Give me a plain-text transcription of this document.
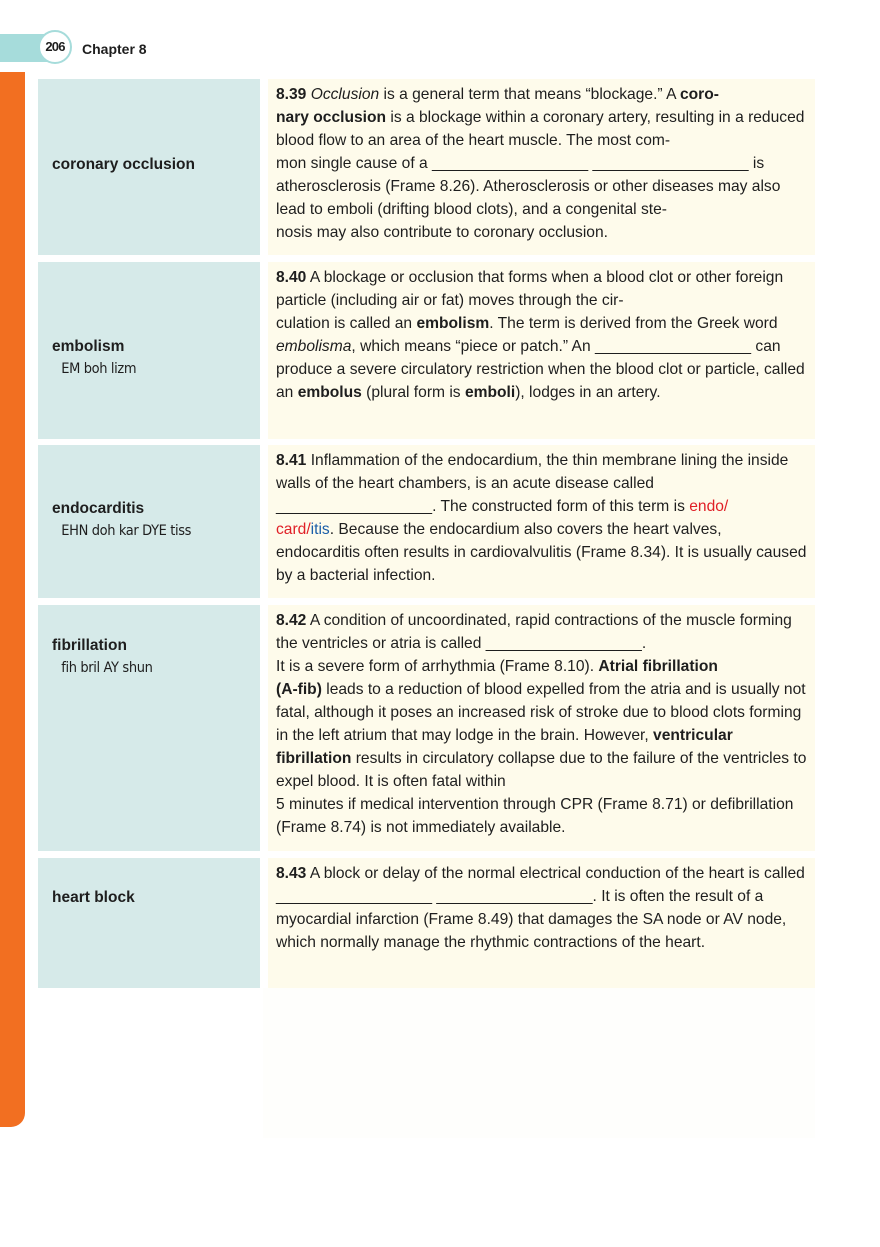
206	Chapter 8
coronary occlusion

8.39 Occlusion is a general term that means “blockage.” A coro-
nary occlusion is a blockage within a coronary artery, resulting in a reduced blood flow to an area of the heart muscle. The most com-
mon single cause of a __________________ __________________ is atherosclerosis (Frame 8.26). Atherosclerosis or other diseases may also lead to emboli (drifting blood clots), and a congenital ste-
nosis may also contribute to coronary occlusion.

embolism
EM boh lizm

8.40 A blockage or occlusion that forms when a blood clot or other foreign particle (including air or fat) moves through the cir-
culation is called an embolism. The term is derived from the Greek word embolisma, which means “piece or patch.” An __________________ can produce a severe circulatory restriction when the blood clot or particle, called an embolus (plural form is emboli), lodges in an artery.

endocarditis
EHN doh kar DYE tiss

8.41 Inflammation of the endocardium, the thin membrane lining the inside walls of the heart chambers, is an acute disease called __________________. The constructed form of this term is endo/
card/itis. Because the endocardium also covers the heart valves, endocarditis often results in cardiovalvulitis (Frame 8.34). It is usually caused by a bacterial infection.

fibrillation
fih bril AY shun

8.42 A condition of uncoordinated, rapid contractions of the muscle forming the ventricles or atria is called __________________.
It is a severe form of arrhythmia (Frame 8.10). Atrial fibrillation
(A-fib) leads to a reduction of blood expelled from the atria and is usually not fatal, although it poses an increased risk of stroke due to blood clots forming in the left atrium that may lodge in the brain. However, ventricular fibrillation results in circulatory collapse due to the failure of the ventricles to expel blood. It is often fatal within
5 minutes if medical intervention through CPR (Frame 8.71) or defibrillation (Frame 8.74) is not immediately available.

heart block

8.43 A block or delay of the normal electrical conduction of the heart is called __________________ __________________. It is often the result of a myocardial infarction (Frame 8.49) that damages the SA node or AV node, which normally manage the rhythmic contractions of the heart.
